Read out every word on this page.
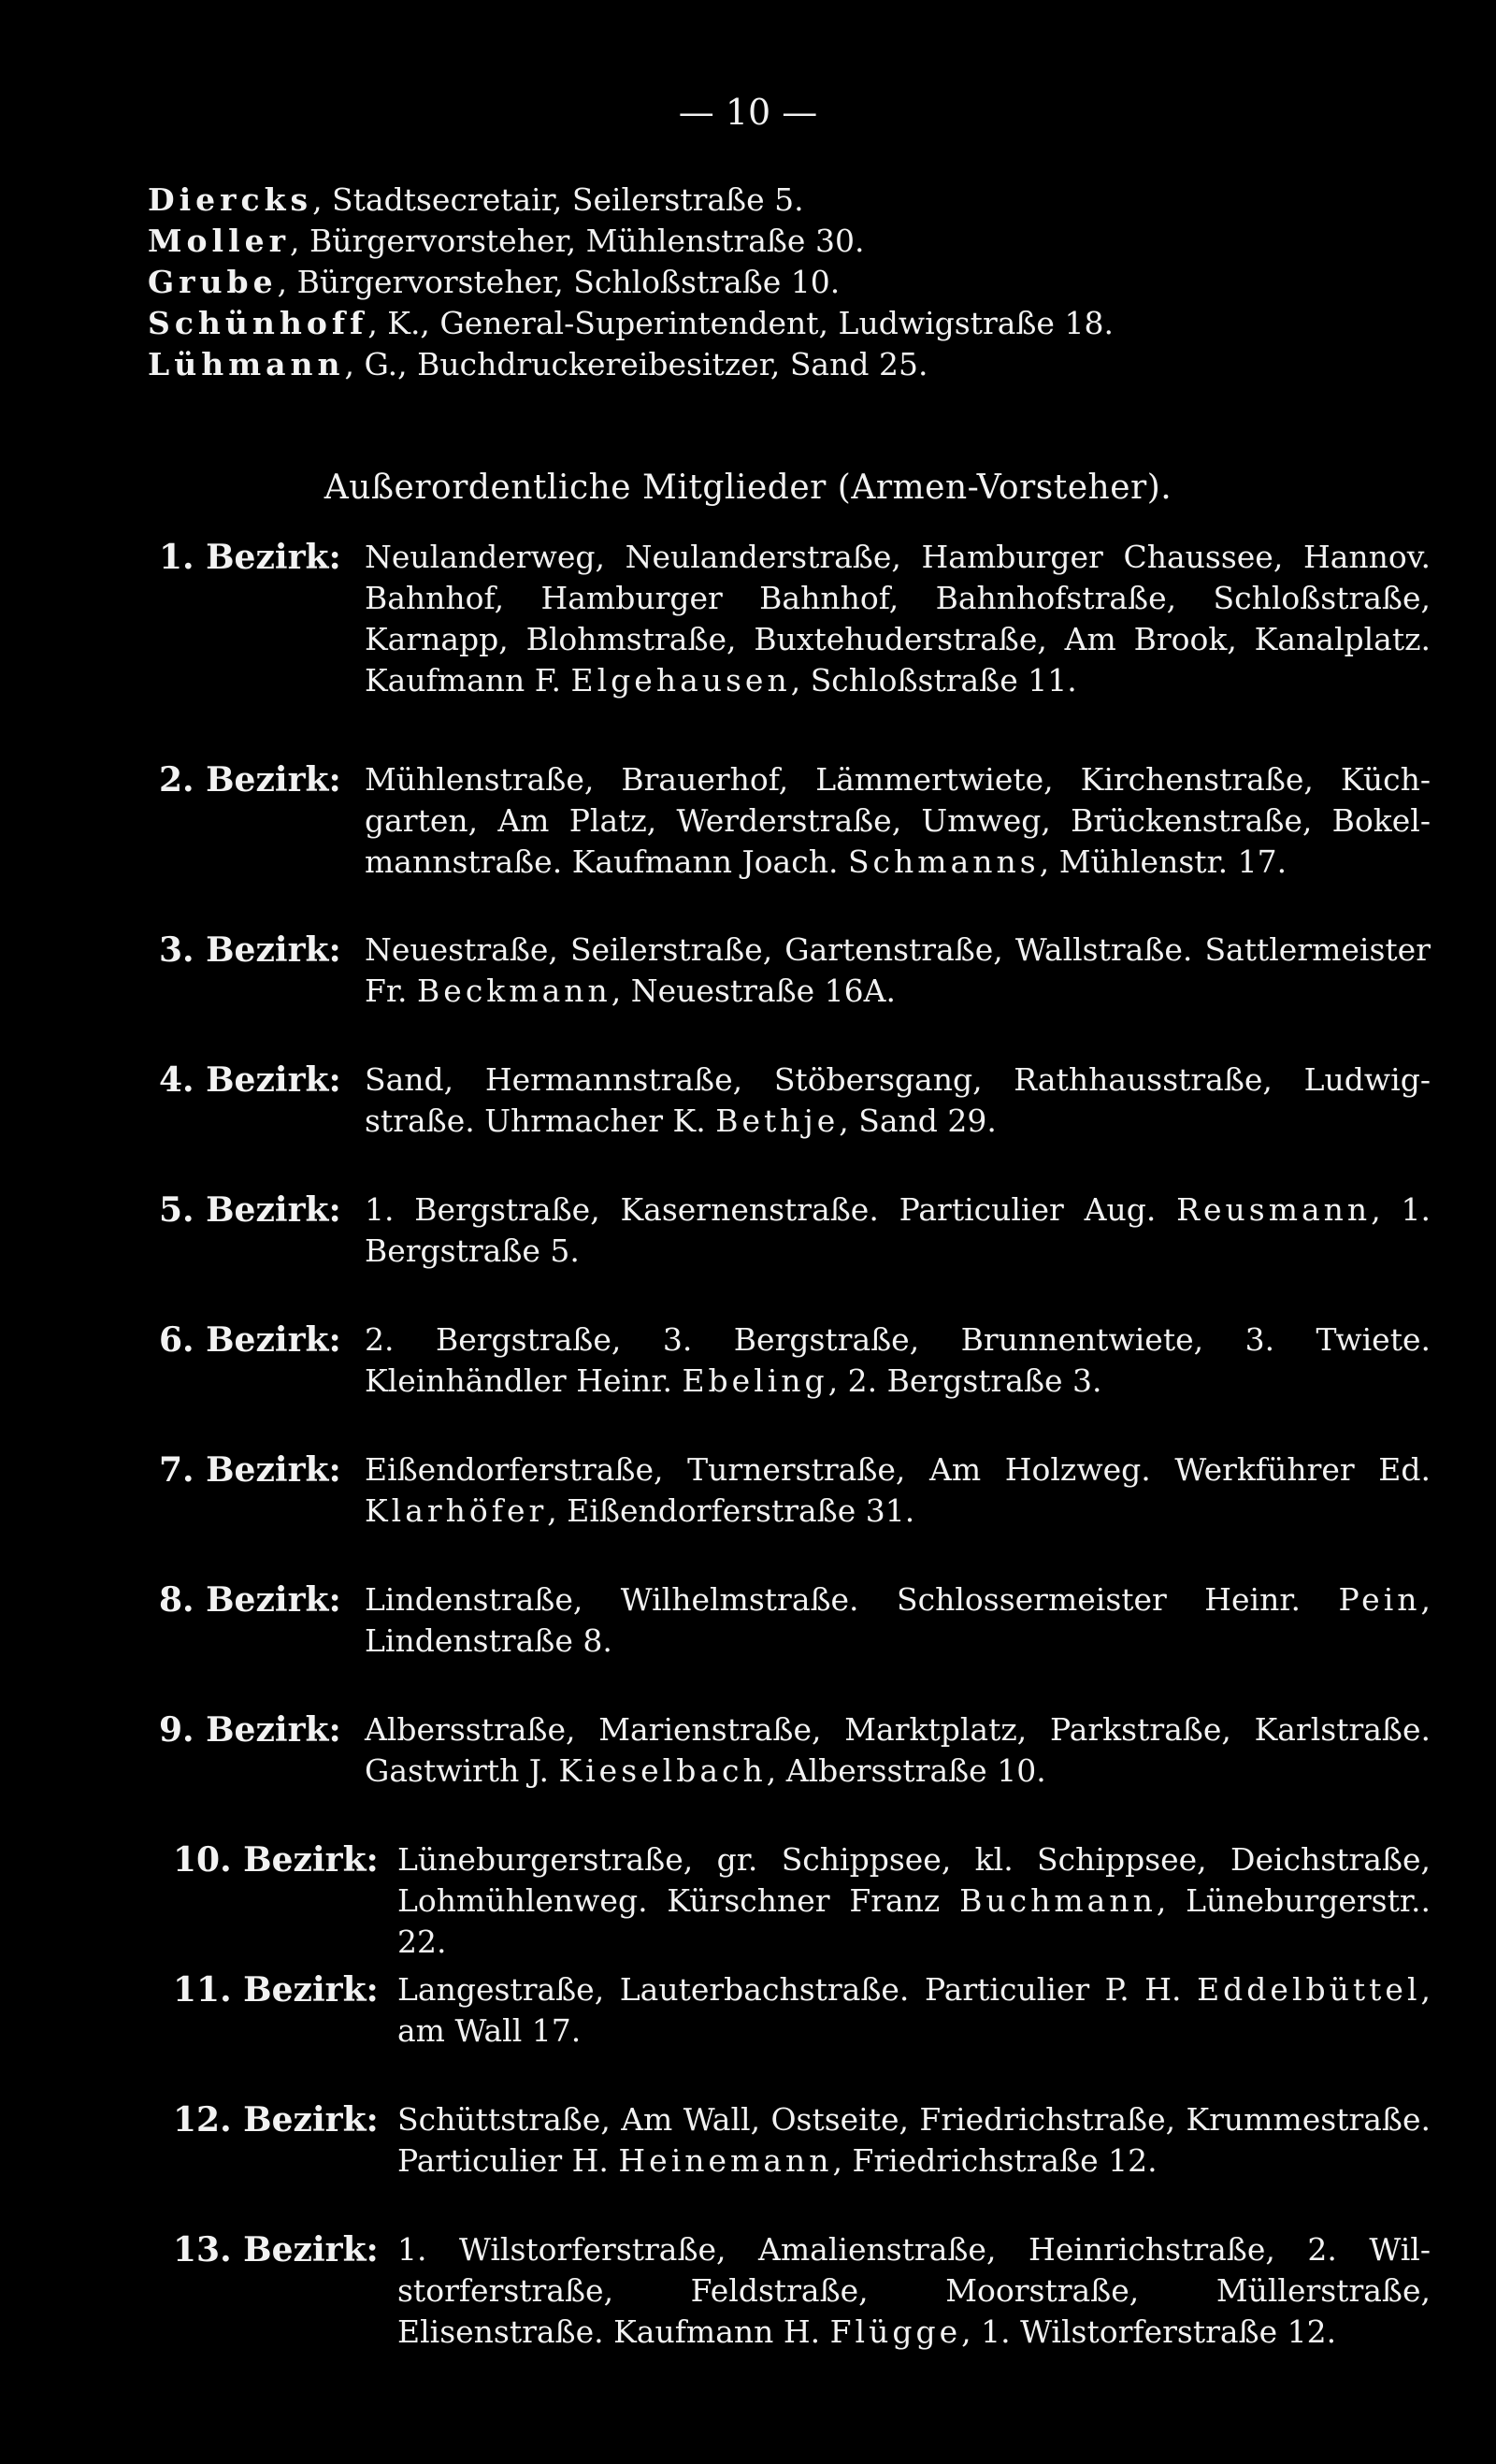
— 10 —
Diercks, Stadtsecretair, Seilerstraße 5.
Moller, Bürgervorsteher, Mühlenstraße 30.
Grube, Bürgervorsteher, Schloßstraße 10.
Schünhoff, K., General-Superintendent, Ludwigstraße 18.
Lühmann, G., Buchdruckereibesitzer, Sand 25.
Außerordentliche Mitglieder (Armen-Vorsteher).
1. Bezirk: Neulanderweg, Neulanderstraße, Hamburger Chaussee, Hannov. Bahnhof, Hamburger Bahnhof, Bahnhofstraße, Schloßstraße, Karnapp, Blohmstraße, Buxtehuderstraße, Am Brook, Kanalplatz. Kaufmann F. Elgehausen, Schloßstraße 11.
2. Bezirk: Mühlenstraße, Brauerhof, Lämmertwiete, Kirchenstraße, Küchgarten, Am Platz, Werderstraße, Umweg, Brückenstraße, Bokelmannstraße. Kaufmann Joach. Schmanns, Mühlenstr. 17.
3. Bezirk: Neuestraße, Seilerstraße, Gartenstraße, Wallstraße. Sattlermeister Fr. Beckmann, Neuestraße 16A.
4. Bezirk: Sand, Hermannstraße, Stöbersgang, Rathhausstraße, Ludwigstraße. Uhrmacher K. Bethje, Sand 29.
5. Bezirk: 1. Bergstraße, Kasernenstraße. Particulier Aug. Reusmann, 1. Bergstraße 5.
6. Bezirk: 2. Bergstraße, 3. Bergstraße, Brunnentwiete, 3. Twiete. Kleinhändler Heinr. Ebeling, 2. Bergstraße 3.
7. Bezirk: Eißendorferstraße, Turnerstraße, Am Holzweg. Werkführer Ed. Klarhöfer, Eißendorferstraße 31.
8. Bezirk: Lindenstraße, Wilhelmstraße. Schlossermeister Heinr. Pein, Lindenstraße 8.
9. Bezirk: Albersstraße, Marienstraße, Marktplatz, Parkstraße, Karlstraße. Gastwirth J. Kieselbach, Albersstraße 10.
10. Bezirk: Lüneburgerstraße, gr. Schippsee, kl. Schippsee, Deichstraße, Lohmühlenweg. Kürschner Franz Buchmann, Lüneburgerstr.. 22.
11. Bezirk: Langestraße, Lauterbachstraße. Particulier P. H. Eddelbüttel, am Wall 17.
12. Bezirk: Schüttstraße, Am Wall, Ostseite, Friedrichstraße, Krummestraße. Particulier H. Heinemann, Friedrichstraße 12.
13. Bezirk: 1. Wilstorferstraße, Amalienstraße, Heinrichstraße, 2. Wilstorferstraße, Feldstraße, Moorstraße, Müllerstraße, Elisenstraße. Kaufmann H. Flügge, 1. Wilstorferstraße 12.
